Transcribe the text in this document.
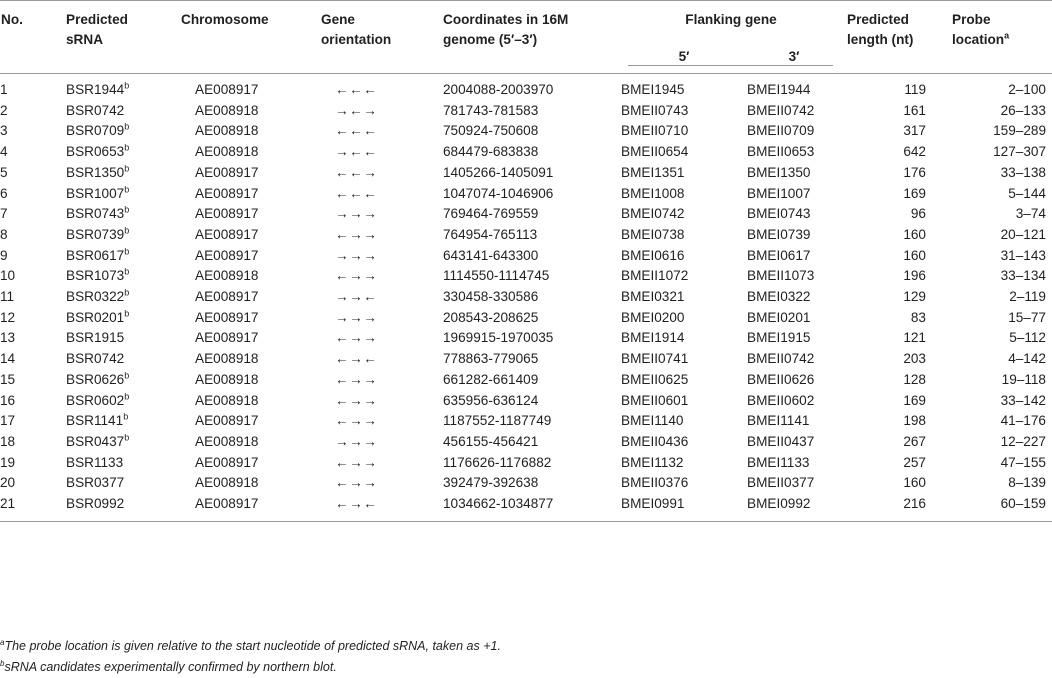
No.	Predicted
sRNA	Chromosome	Gene
orientation	Coordinates in 16M
genome (5′–3′)	Flanking gene		Predicted
length (nt)	Probe
location$^a$
					5′	3′		
1	BSR1944$^b$	AE008917	←←←	2004088-2003970	BMEI1945	BMEI1944	119	2–100
2	BSR0742	AE008918	→←→	781743-781583	BMEII0743	BMEII0742	161	26–133
3	BSR0709$^b$	AE008918	←←←	750924-750608	BMEII0710	BMEII0709	317	159–289
4	BSR0653$^b$	AE008918	→←←	684479-683838	BMEII0654	BMEII0653	642	127–307
5	BSR1350$^b$	AE008917	←←→	1405266-1405091	BMEI1351	BMEI1350	176	33–138
6	BSR1007$^b$	AE008917	←←←	1047074-1046906	BMEI1008	BMEI1007	169	5–144
7	BSR0743$^b$	AE008917	→→→	769464-769559	BMEI0742	BMEI0743	96	3–74
8	BSR0739$^b$	AE008917	←→→	764954-765113	BMEI0738	BMEI0739	160	20–121
9	BSR0617$^b$	AE008917	→→→	643141-643300	BMEI0616	BMEI0617	160	31–143
10	BSR1073$^b$	AE008918	←→→	1114550-1114745	BMEII1072	BMEII1073	196	33–134
11	BSR0322$^b$	AE008917	→→←	330458-330586	BMEI0321	BMEI0322	129	2–119
12	BSR0201$^b$	AE008917	→→→	208543-208625	BMEI0200	BMEI0201	83	15–77
13	BSR1915	AE008917	←→→	1969915-1970035	BMEI1914	BMEI1915	121	5–112
14	BSR0742	AE008918	←→←	778863-779065	BMEII0741	BMEII0742	203	4–142
15	BSR0626$^b$	AE008918	←→→	661282-661409	BMEII0625	BMEII0626	128	19–118
16	BSR0602$^b$	AE008918	←→→	635956-636124	BMEII0601	BMEII0602	169	33–142
17	BSR1141$^b$	AE008917	←→→	1187552-1187749	BMEI1140	BMEI1141	198	41–176
18	BSR0437$^b$	AE008918	→→→	456155-456421	BMEII0436	BMEII0437	267	12–227
19	BSR1133	AE008917	←→→	1176626-1176882	BMEI1132	BMEI1133	257	47–155
20	BSR0377	AE008918	←→→	392479-392638	BMEII0376	BMEII0377	160	8–139
21	BSR0992	AE008917	←→←	1034662-1034877	BMEI0991	BMEI0992	216	60–159
$^a$The probe location is given relative to the start nucleotide of predicted sRNA, taken as +1.
$^b$sRNA candidates experimentally confirmed by northern blot.
